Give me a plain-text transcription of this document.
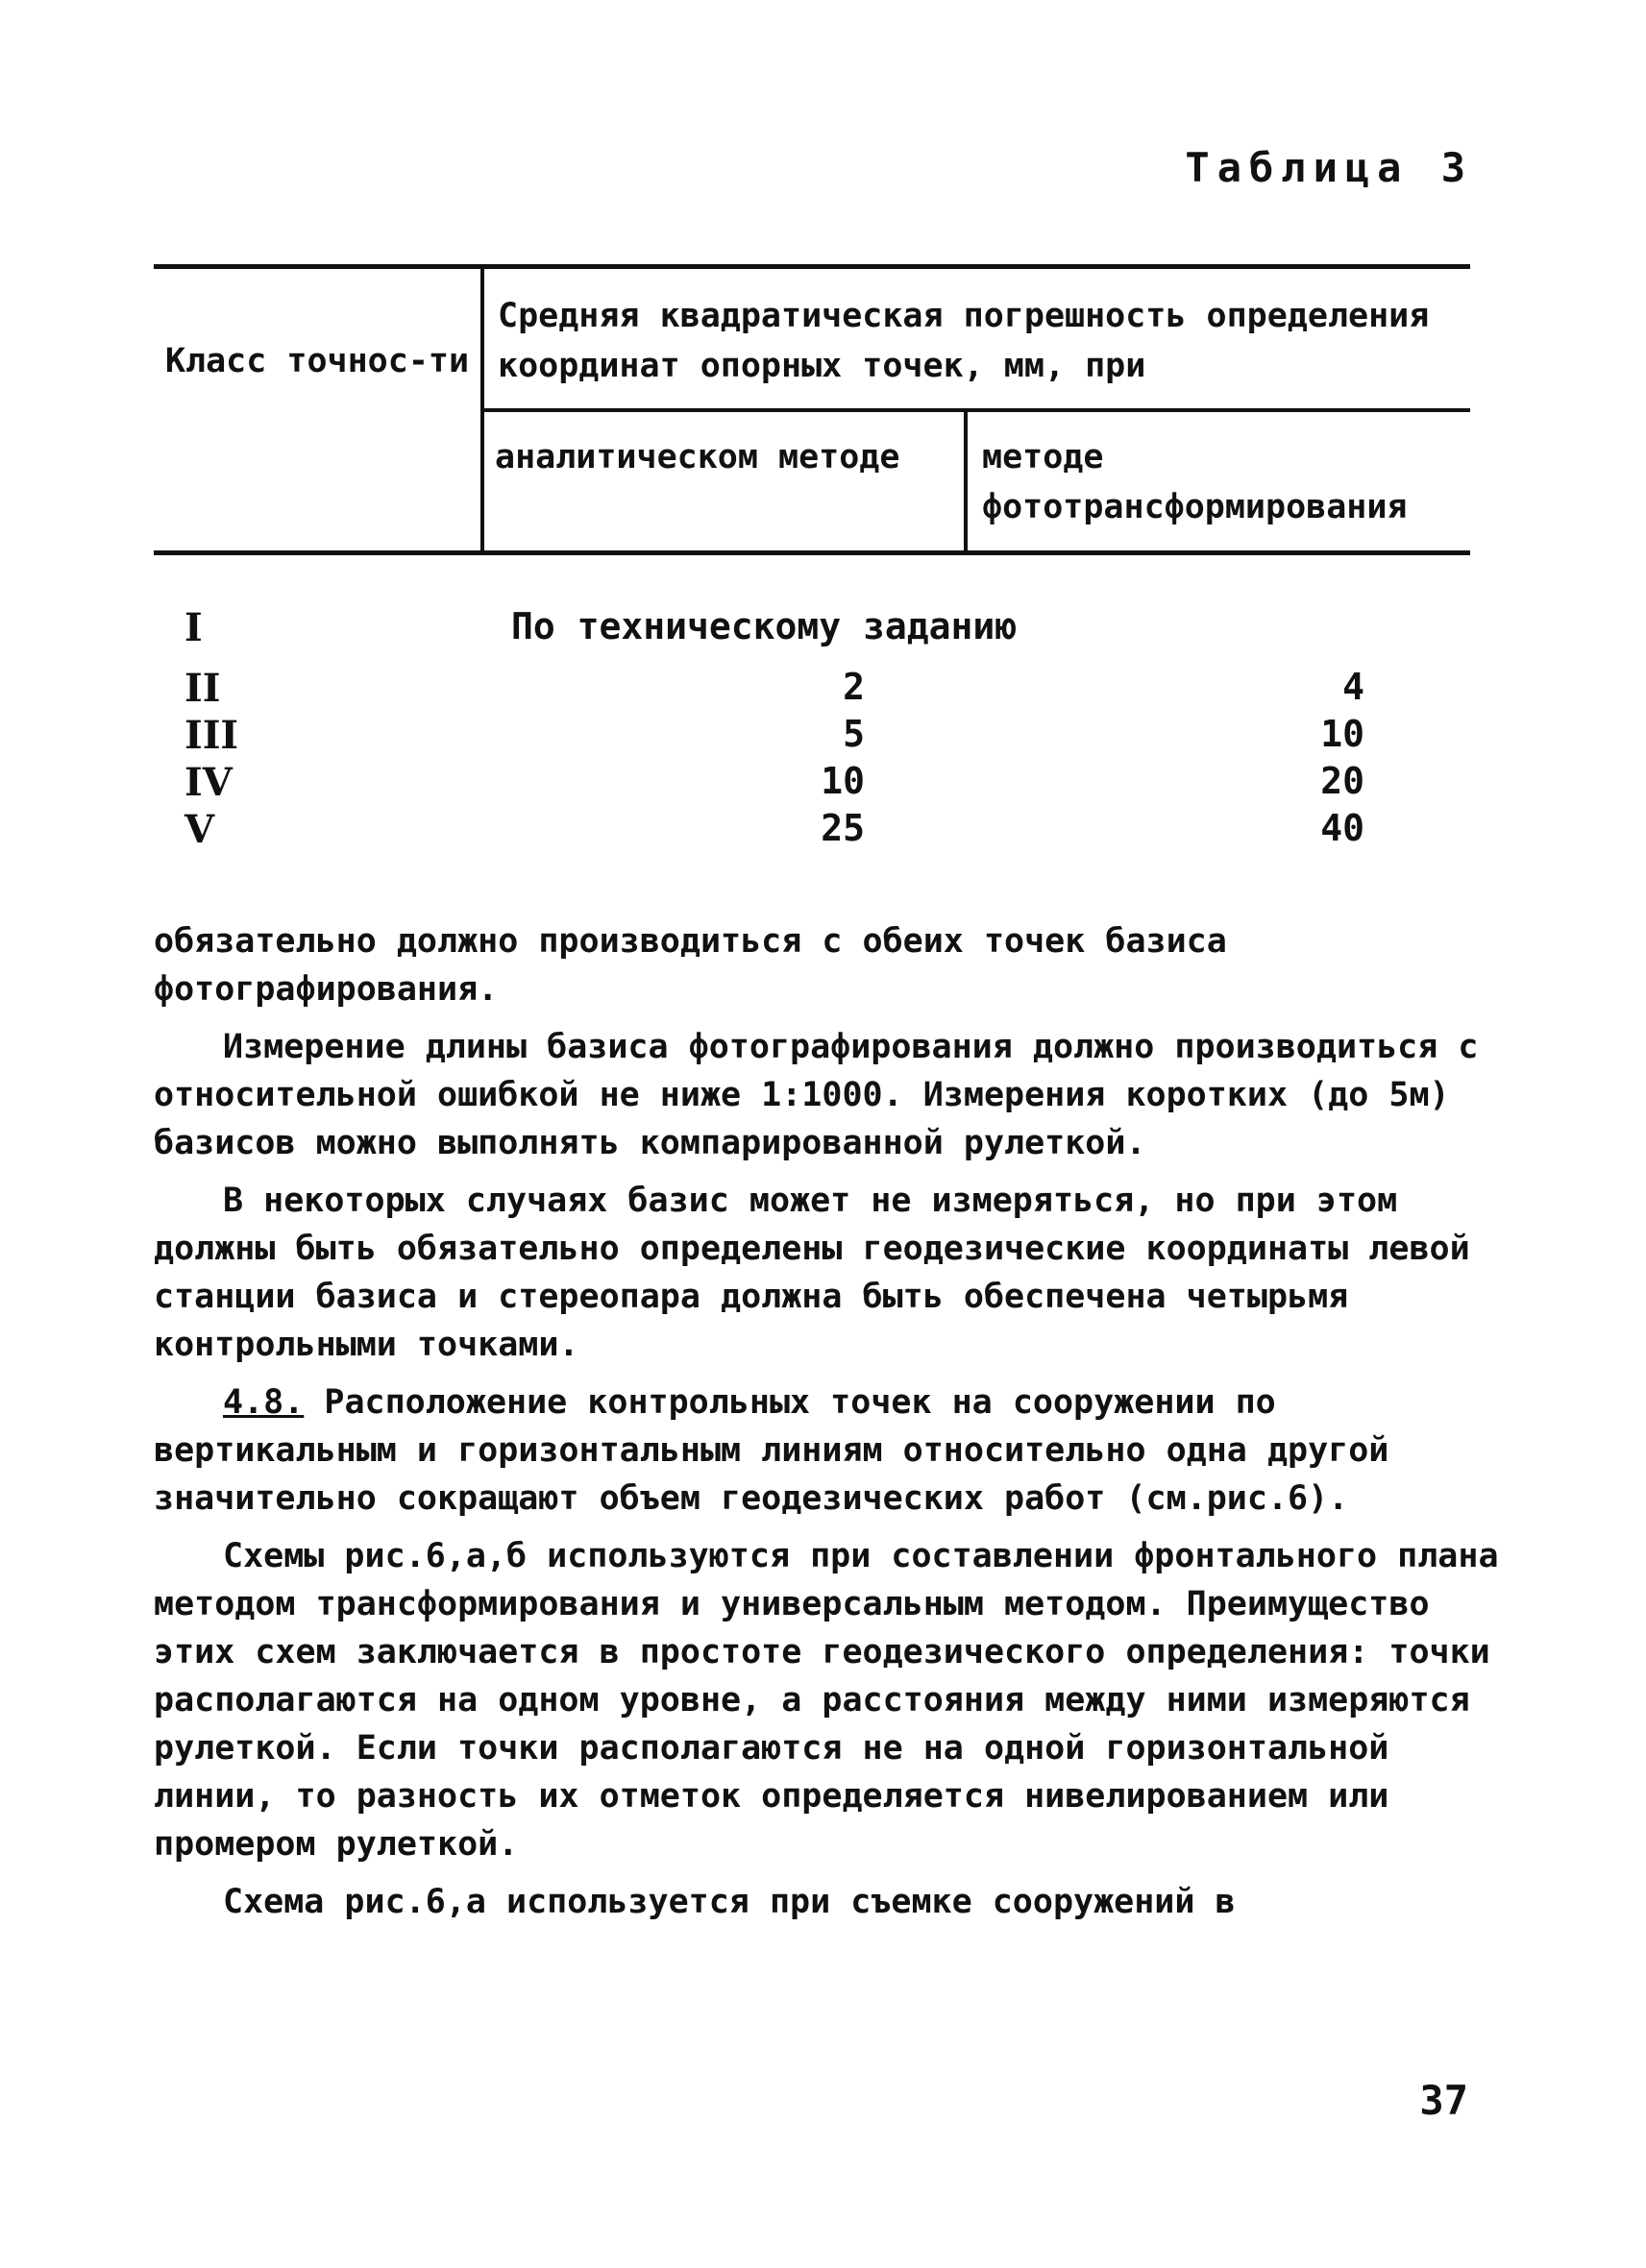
Таблица 3
Класс точнос-ти
Средняя квадратическая погрешность определения координат опорных точек, мм, при
аналитическом методе	методе фототрансформирования
I	По техническому заданию
II	2	4
III	5	10
IV	10	20
V	25	40

обязательно должно производиться с обеих точек базиса фотографирования.

Измерение длины базиса фотографирования должно производиться с относительной ошибкой не ниже 1:1000. Измерения коротких (до 5м) базисов можно выполнять компарированной рулеткой.

В некоторых случаях базис может не измеряться, но при этом должны быть обязательно определены геодезические координаты левой станции базиса и стереопара должна быть обеспечена четырьмя контрольными точками.

4.8. Расположение контрольных точек на сооружении по вертикальным и горизонтальным линиям относительно одна другой значительно сокращают объем геодезических работ (см.рис.6).

Схемы рис.6,а,б используются при составлении фронтального плана методом трансформирования и универсальным методом. Преимущество этих схем заключается в простоте геодезического определения: точки располагаются на одном уровне, а расстояния между ними измеряются рулеткой. Если точки располагаются не на одной горизонтальной линии, то разность их отметок определяется нивелированием или промером рулеткой.

Схема рис.6,а используется при съемке сооружений в

37
